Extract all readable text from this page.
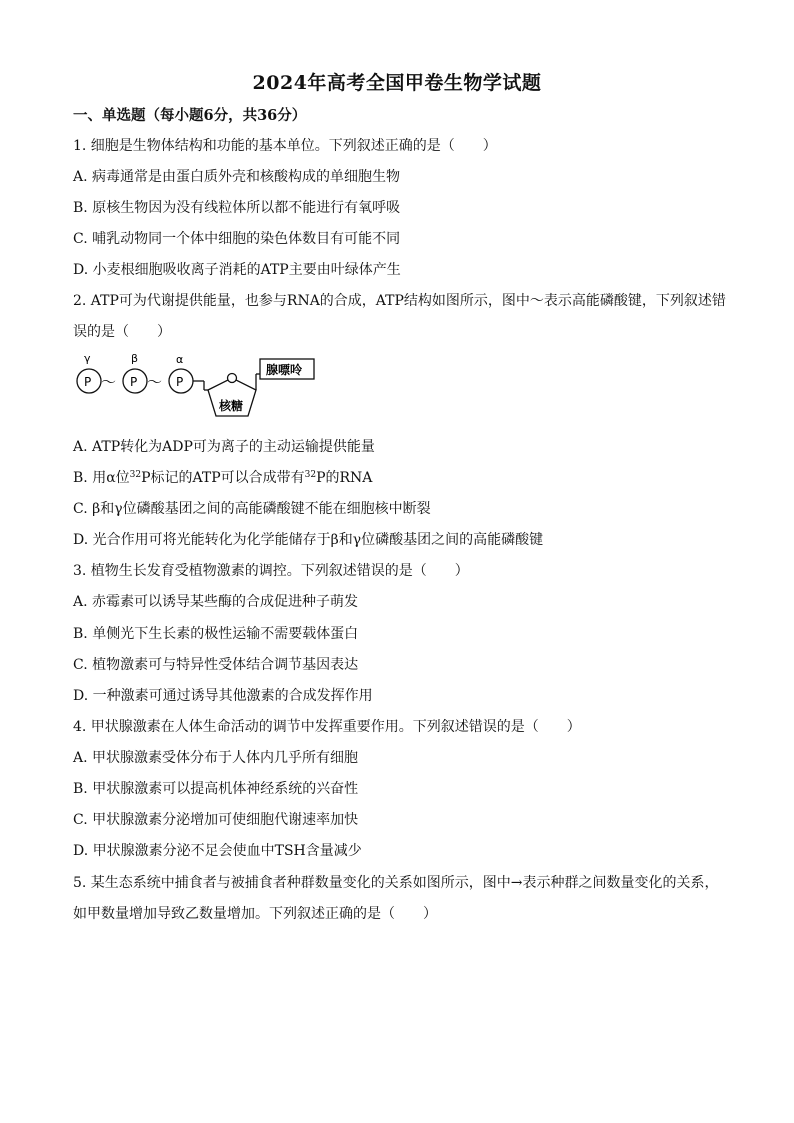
2024年高考全国甲卷生物学试题
一、单选题（每小题6分，共36分）
1. 细胞是生物体结构和功能的基本单位。下列叙述正确的是（　　）
A. 病毒通常是由蛋白质外壳和核酸构成的单细胞生物
B. 原核生物因为没有线粒体所以都不能进行有氧呼吸
C. 哺乳动物同一个体中细胞的染色体数目有可能不同
D. 小麦根细胞吸收离子消耗的ATP主要由叶绿体产生
2. ATP可为代谢提供能量，也参与RNA的合成，ATP结构如图所示，图中～表示高能磷酸键，下列叙述错
误的是（　　）
γ	β	α
P	P	P
～ ～
核糖
腺嘌呤
A. ATP转化为ADP可为离子的主动运输提供能量
B. 用α位$^{32}$P标记的ATP可以合成带有$^{32}$P的RNA
C. β和γ位磷酸基团之间的高能磷酸键不能在细胞核中断裂
D. 光合作用可将光能转化为化学能储存于β和γ位磷酸基团之间的高能磷酸键
3. 植物生长发育受植物激素的调控。下列叙述错误的是（　　）
A. 赤霉素可以诱导某些酶的合成促进种子萌发
B. 单侧光下生长素的极性运输不需要载体蛋白
C. 植物激素可与特异性受体结合调节基因表达
D. 一种激素可通过诱导其他激素的合成发挥作用
4. 甲状腺激素在人体生命活动的调节中发挥重要作用。下列叙述错误的是（　　）
A. 甲状腺激素受体分布于人体内几乎所有细胞
B. 甲状腺激素可以提高机体神经系统的兴奋性
C. 甲状腺激素分泌增加可使细胞代谢速率加快
D. 甲状腺激素分泌不足会使血中TSH含量减少
5. 某生态系统中捕食者与被捕食者种群数量变化的关系如图所示，图中→表示种群之间数量变化的关系，
如甲数量增加导致乙数量增加。下列叙述正确的是（　　）
